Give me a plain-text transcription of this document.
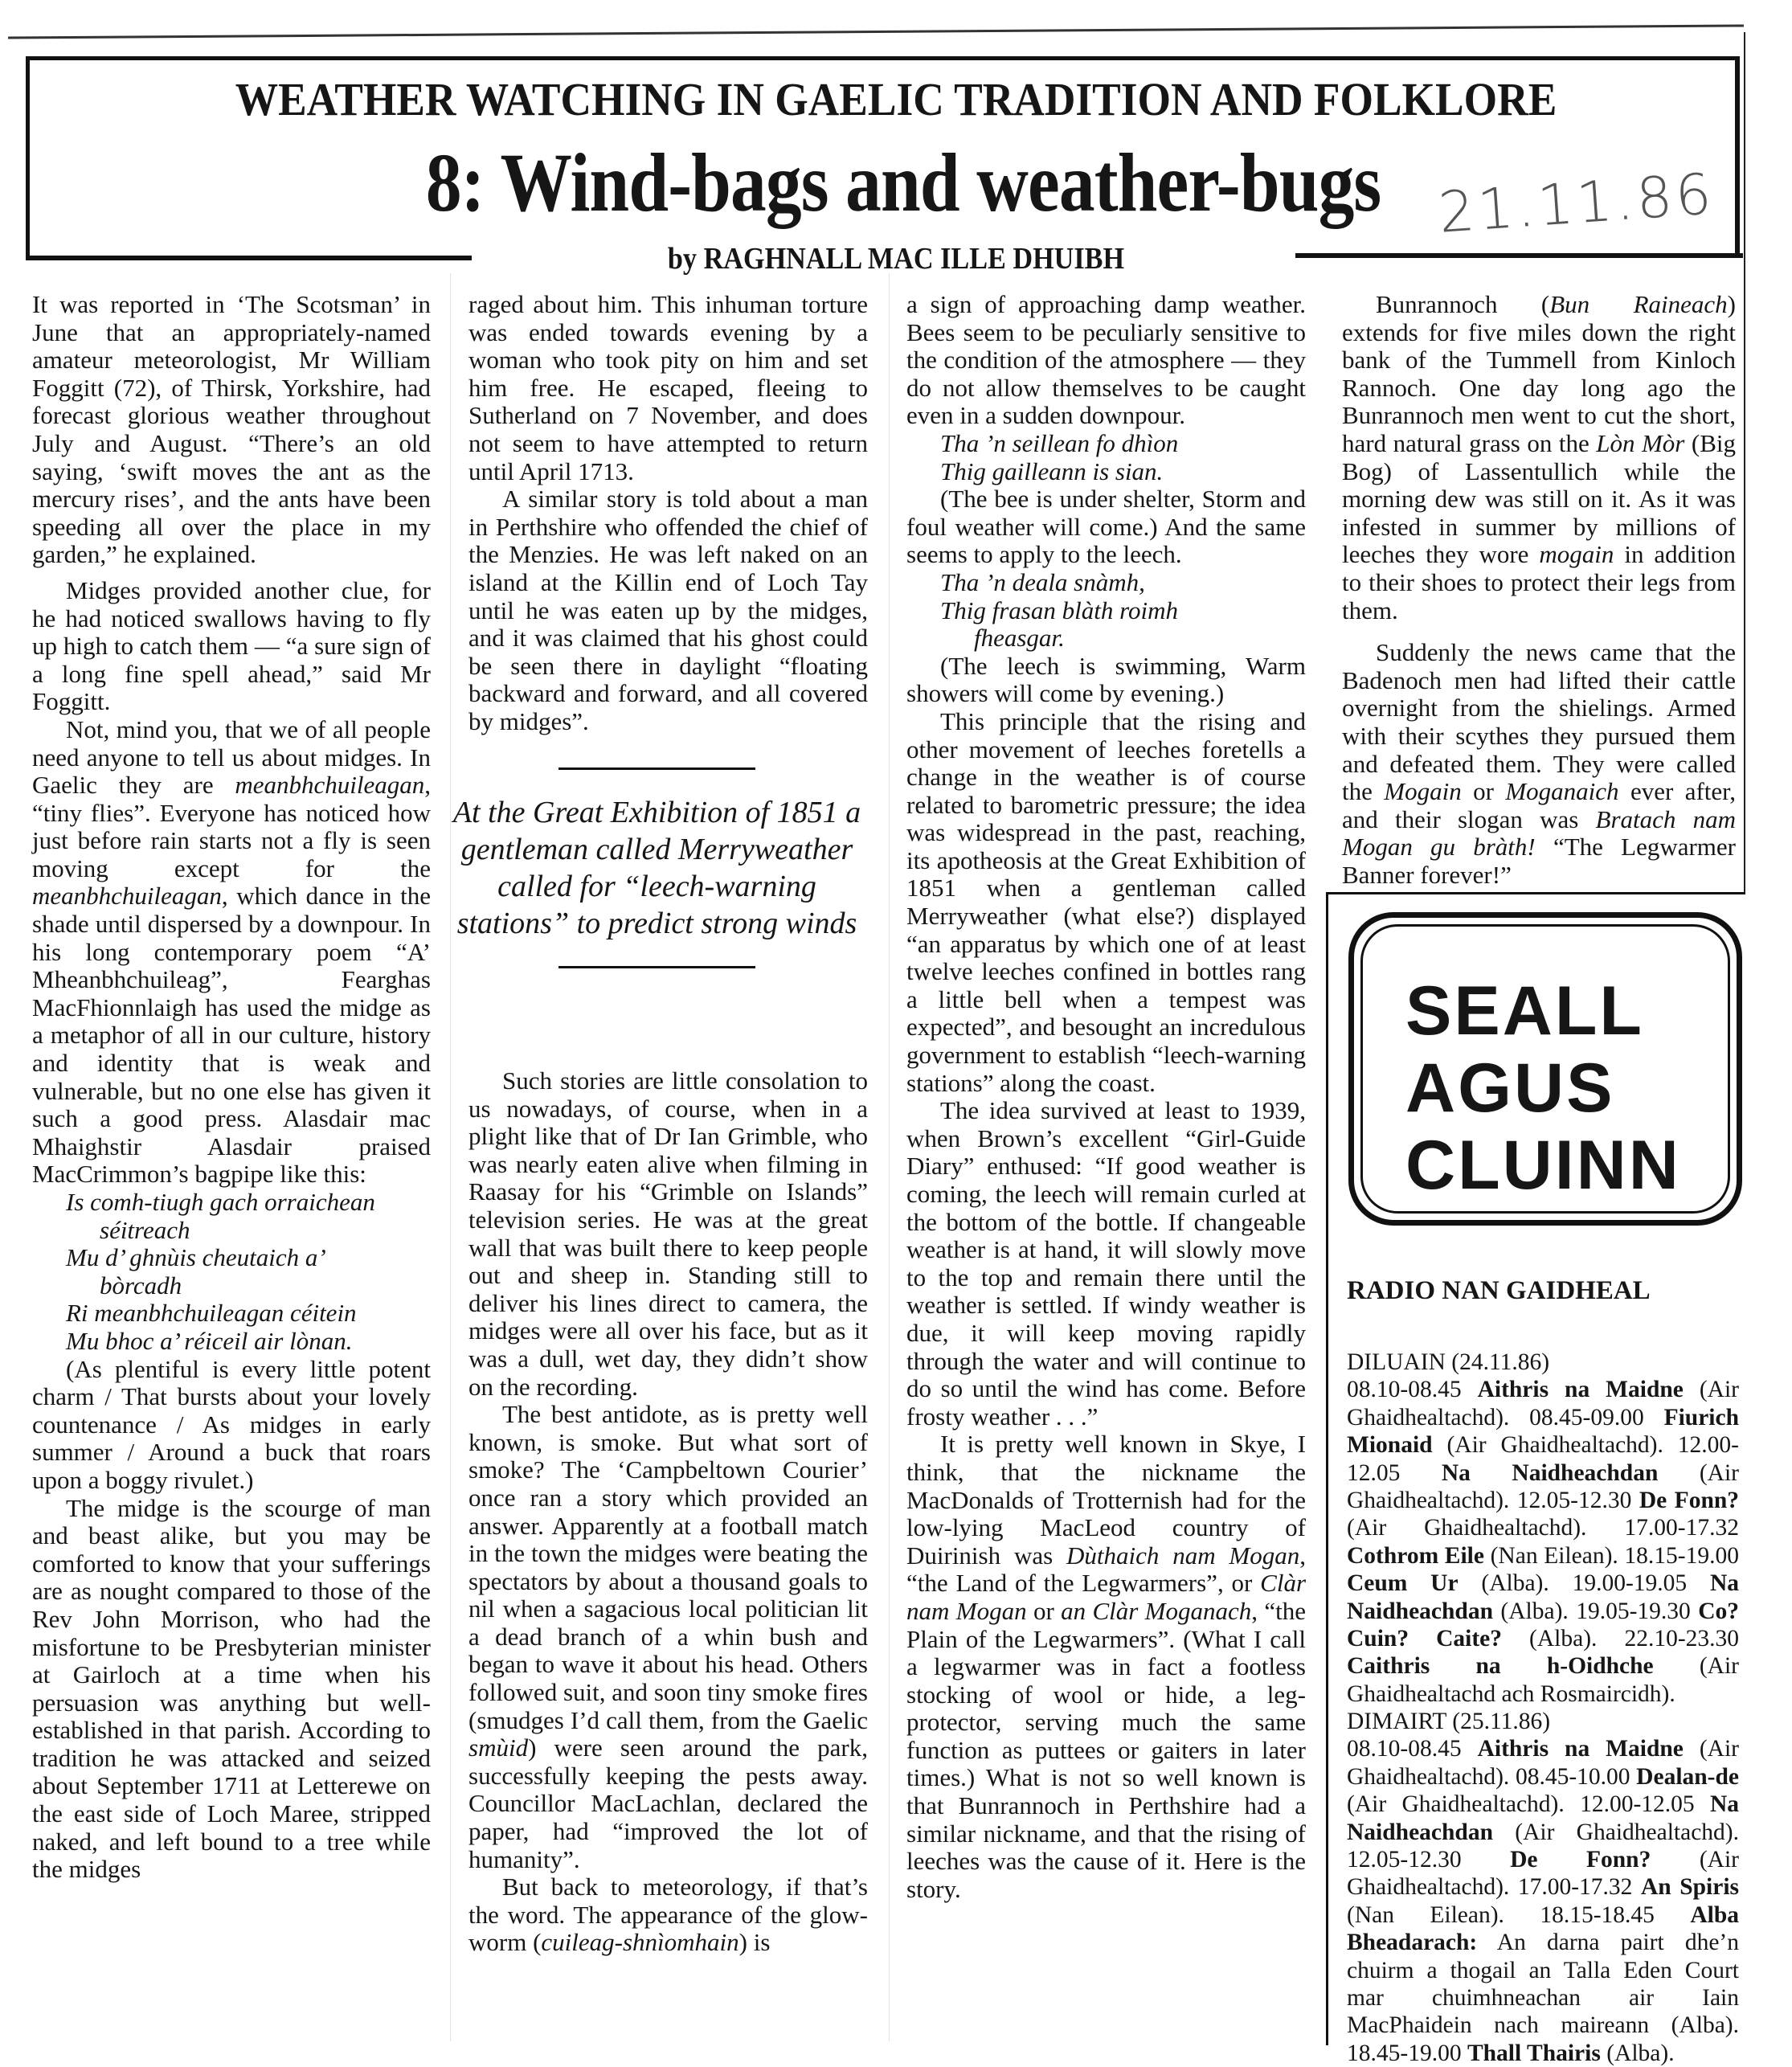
WEATHER WATCHING IN GAELIC TRADITION AND FOLKLORE
8: Wind-bags and weather-bugs 21.11.86
by RAGHNALL MAC ILLE DHUIBH

It was reported in ‘The Scotsman’ in June that an appropriately-named amateur meteorologist, Mr William Foggitt (72), of Thirsk, Yorkshire, had forecast glorious weather throughout July and August. “There’s an old saying, ‘swift moves the ant as the mercury rises’, and the ants have been speeding all over the place in my garden,” he explained.

Midges provided another clue, for he had noticed swallows having to fly up high to catch them — “a sure sign of a long fine spell ahead,” said Mr Foggitt.

Not, mind you, that we of all people need anyone to tell us about midges. In Gaelic they are meanbhchuileagan, “tiny flies”. Everyone has noticed how just before rain starts not a fly is seen moving except for the meanbhchuileagan, which dance in the shade until dispersed by a downpour. In his long contemporary poem “A’ Mheanbhchuileag”, Fearghas MacFhionnlaigh has used the midge as a metaphor of all in our culture, history and identity that is weak and vulnerable, but no one else has given it such a good press. Alasdair mac Mhaighstir Alasdair praised MacCrimmon’s bagpipe like this:

Is comh-tiugh gach orraichean
séitreach
Mu d’ ghnùis cheutaich a’
bòrcadh
Ri meanbhchuileagan céitein
Mu bhoc a’ réiceil air lònan.

(As plentiful is every little potent charm / That bursts about your lovely countenance / As midges in early summer / Around a buck that roars upon a boggy rivulet.)

The midge is the scourge of man and beast alike, but you may be comforted to know that your sufferings are as nought compared to those of the Rev John Morrison, who had the misfortune to be Presbyterian minister at Gairloch at a time when his persuasion was anything but well-established in that parish. According to tradition he was attacked and seized about September 1711 at Letterewe on the east side of Loch Maree, stripped naked, and left bound to a tree while the midges

raged about him. This inhuman torture was ended towards evening by a woman who took pity on him and set him free. He escaped, fleeing to Sutherland on 7 November, and does not seem to have attempted to return until April 1713.

A similar story is told about a man in Perthshire who offended the chief of the Menzies. He was left naked on an island at the Killin end of Loch Tay until he was eaten up by the midges, and it was claimed that his ghost could be seen there in daylight “floating backward and forward, and all covered by midges”.

At the Great Exhibition of 1851 a gentleman called Merryweather called for “leech-warning stations” to predict strong winds

Such stories are little consolation to us nowadays, of course, when in a plight like that of Dr Ian Grimble, who was nearly eaten alive when filming in Raasay for his “Grimble on Islands” television series. He was at the great wall that was built there to keep people out and sheep in. Standing still to deliver his lines direct to camera, the midges were all over his face, but as it was a dull, wet day, they didn’t show on the recording.

The best antidote, as is pretty well known, is smoke. But what sort of smoke? The ‘Campbeltown Courier’ once ran a story which provided an answer. Apparently at a football match in the town the midges were beating the spectators by about a thousand goals to nil when a sagacious local politician lit a dead branch of a whin bush and began to wave it about his head. Others followed suit, and soon tiny smoke fires (smudges I’d call them, from the Gaelic smùid) were seen around the park, successfully keeping the pests away. Councillor MacLachlan, declared the paper, had “improved the lot of humanity”.

But back to meteorology, if that’s the word. The appearance of the glow-worm (cuileag-shnìomhain) is

a sign of approaching damp weather. Bees seem to be peculiarly sensitive to the condition of the atmosphere — they do not allow themselves to be caught even in a sudden downpour.

Tha ’n seillean fo dhìon
Thig gailleann is sian.

(The bee is under shelter, Storm and foul weather will come.) And the same seems to apply to the leech.

Tha ’n deala snàmh,
Thig frasan blàth roimh
fheasgar.

(The leech is swimming, Warm showers will come by evening.)

This principle that the rising and other movement of leeches foretells a change in the weather is of course related to barometric pressure; the idea was widespread in the past, reaching, its apotheosis at the Great Exhibition of 1851 when a gentleman called Merryweather (what else?) displayed “an apparatus by which one of at least twelve leeches confined in bottles rang a little bell when a tempest was expected”, and besought an incredulous government to establish “leech-warning stations” along the coast.

The idea survived at least to 1939, when Brown’s excellent “Girl-Guide Diary” enthused: “If good weather is coming, the leech will remain curled at the bottom of the bottle. If changeable weather is at hand, it will slowly move to the top and remain there until the weather is settled. If windy weather is due, it will keep moving rapidly through the water and will continue to do so until the wind has come. Before frosty weather . . .”

It is pretty well known in Skye, I think, that the nickname the MacDonalds of Trotternish had for the low-lying MacLeod country of Duirinish was Dùthaich nam Mogan, “the Land of the Legwarmers”, or Clàr nam Mogan or an Clàr Moganach, “the Plain of the Legwarmers”. (What I call a legwarmer was in fact a footless stocking of wool or hide, a leg-protector, serving much the same function as puttees or gaiters in later times.) What is not so well known is that Bunrannoch in Perthshire had a similar nickname, and that the rising of leeches was the cause of it. Here is the story.

Bunrannoch (Bun Raineach) extends for five miles down the right bank of the Tummell from Kinloch Rannoch. One day long ago the Bunrannoch men went to cut the short, hard natural grass on the Lòn Mòr (Big Bog) of Lassentullich while the morning dew was still on it. As it was infested in summer by millions of leeches they wore mogain in addition to their shoes to protect their legs from them.

Suddenly the news came that the Badenoch men had lifted their cattle overnight from the shielings. Armed with their scythes they pursued them and defeated them. They were called the Mogain or Moganaich ever after, and their slogan was Bratach nam Mogan gu bràth! “The Legwarmer Banner forever!”

SEALL
AGUS
CLUINN
RADIO NAN GAIDHEAL
DILUAIN (24.11.86)
08.10-08.45 Aithris na Maidne (Air Ghaidhealtachd). 08.45-09.00 Fiurich Mionaid (Air Ghaidhealtachd). 12.00-12.05 Na Naidheachdan (Air Ghaidhealtachd). 12.05-12.30 De Fonn? (Air Ghaidhealtachd). 17.00-17.32 Cothrom Eile (Nan Eilean). 18.15-19.00 Ceum Ur (Alba). 19.00-19.05 Na Naidheachdan (Alba). 19.05-19.30 Co? Cuin? Caite? (Alba). 22.10-23.30 Caithris na h-Oidhche (Air Ghaidhealtachd ach Rosmaircidh).
DIMAIRT (25.11.86)
08.10-08.45 Aithris na Maidne (Air Ghaidhealtachd). 08.45-10.00 Dealan-de (Air Ghaidhealtachd). 12.00-12.05 Na Naidheachdan (Air Ghaidhealtachd). 12.05-12.30 De Fonn? (Air Ghaidhealtachd). 17.00-17.32 An Spiris (Nan Eilean). 18.15-18.45 Alba Bheadarach: An darna pairt dhe’n chuirm a thogail an Talla Eden Court mar chuimhneachan air Iain MacPhaidein nach maireann (Alba). 18.45-19.00 Thall Thairis (Alba).
